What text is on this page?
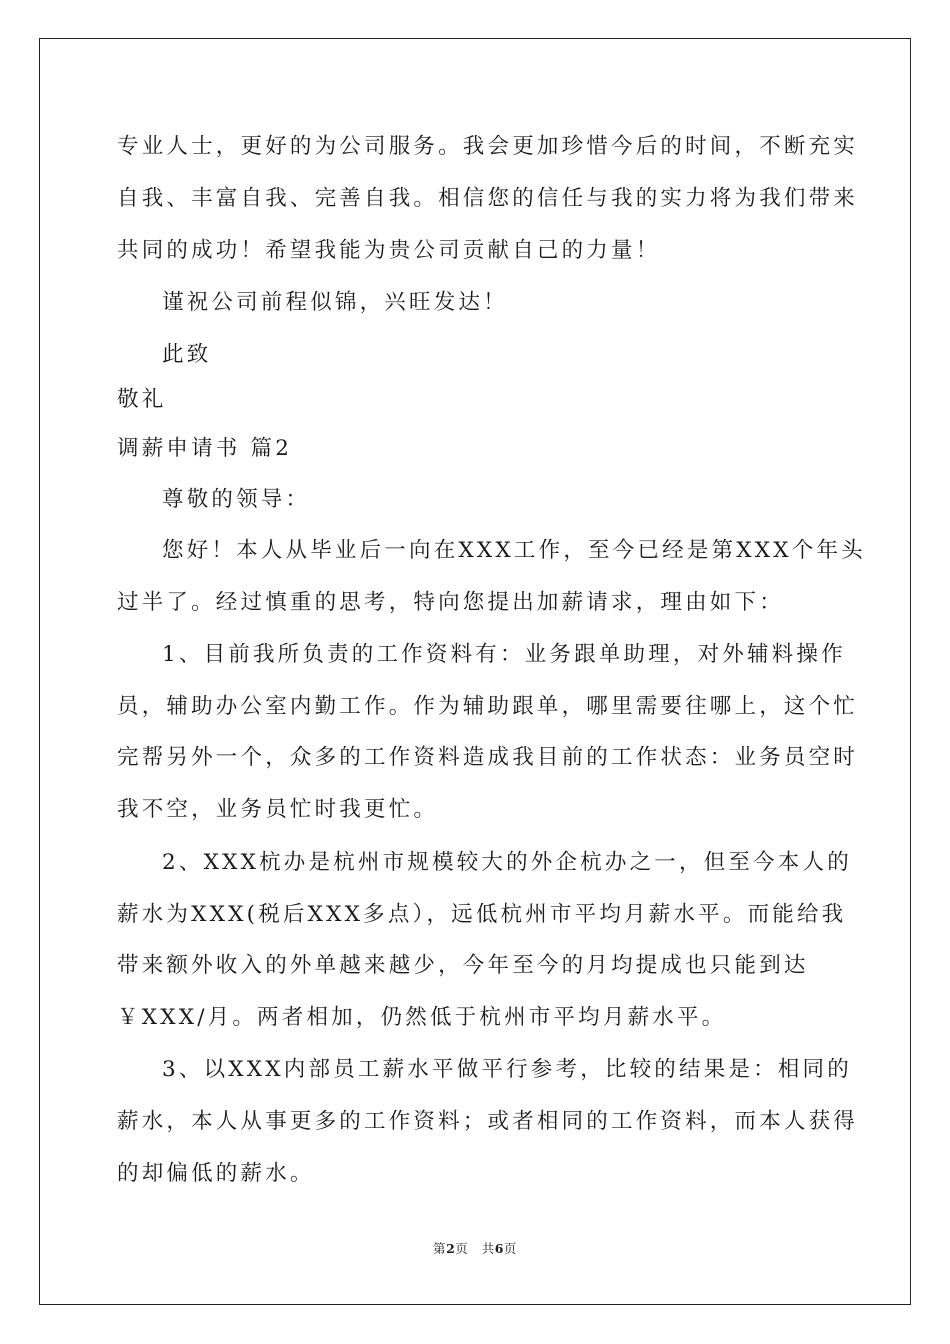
专业人士，更好的为公司服务。我会更加珍惜今后的时间，不断充实
自我、丰富自我、完善自我。相信您的信任与我的实力将为我们带来
共同的成功！希望我能为贵公司贡献自己的力量！
谨祝公司前程似锦，兴旺发达！
此致
敬礼
调薪申请书 篇2
尊敬的领导：
您好！本人从毕业后一向在XXX工作，至今已经是第XXX个年头
过半了。经过慎重的思考，特向您提出加薪请求，理由如下：
1、目前我所负责的工作资料有：业务跟单助理，对外辅料操作
员，辅助办公室内勤工作。作为辅助跟单，哪里需要往哪上，这个忙
完帮另外一个，众多的工作资料造成我目前的工作状态：业务员空时
我不空，业务员忙时我更忙。
2、XXX杭办是杭州市规模较大的外企杭办之一，但至今本人的
薪水为XXX(税后XXX多点），远低杭州市平均月薪水平。而能给我
带来额外收入的外单越来越少，今年至今的月均提成也只能到达
￥XXX/月。两者相加，仍然低于杭州市平均月薪水平。
3、以XXX内部员工薪水平做平行参考，比较的结果是：相同的
薪水，本人从事更多的工作资料；或者相同的工作资料，而本人获得
的却偏低的薪水。
第2页 共6页
